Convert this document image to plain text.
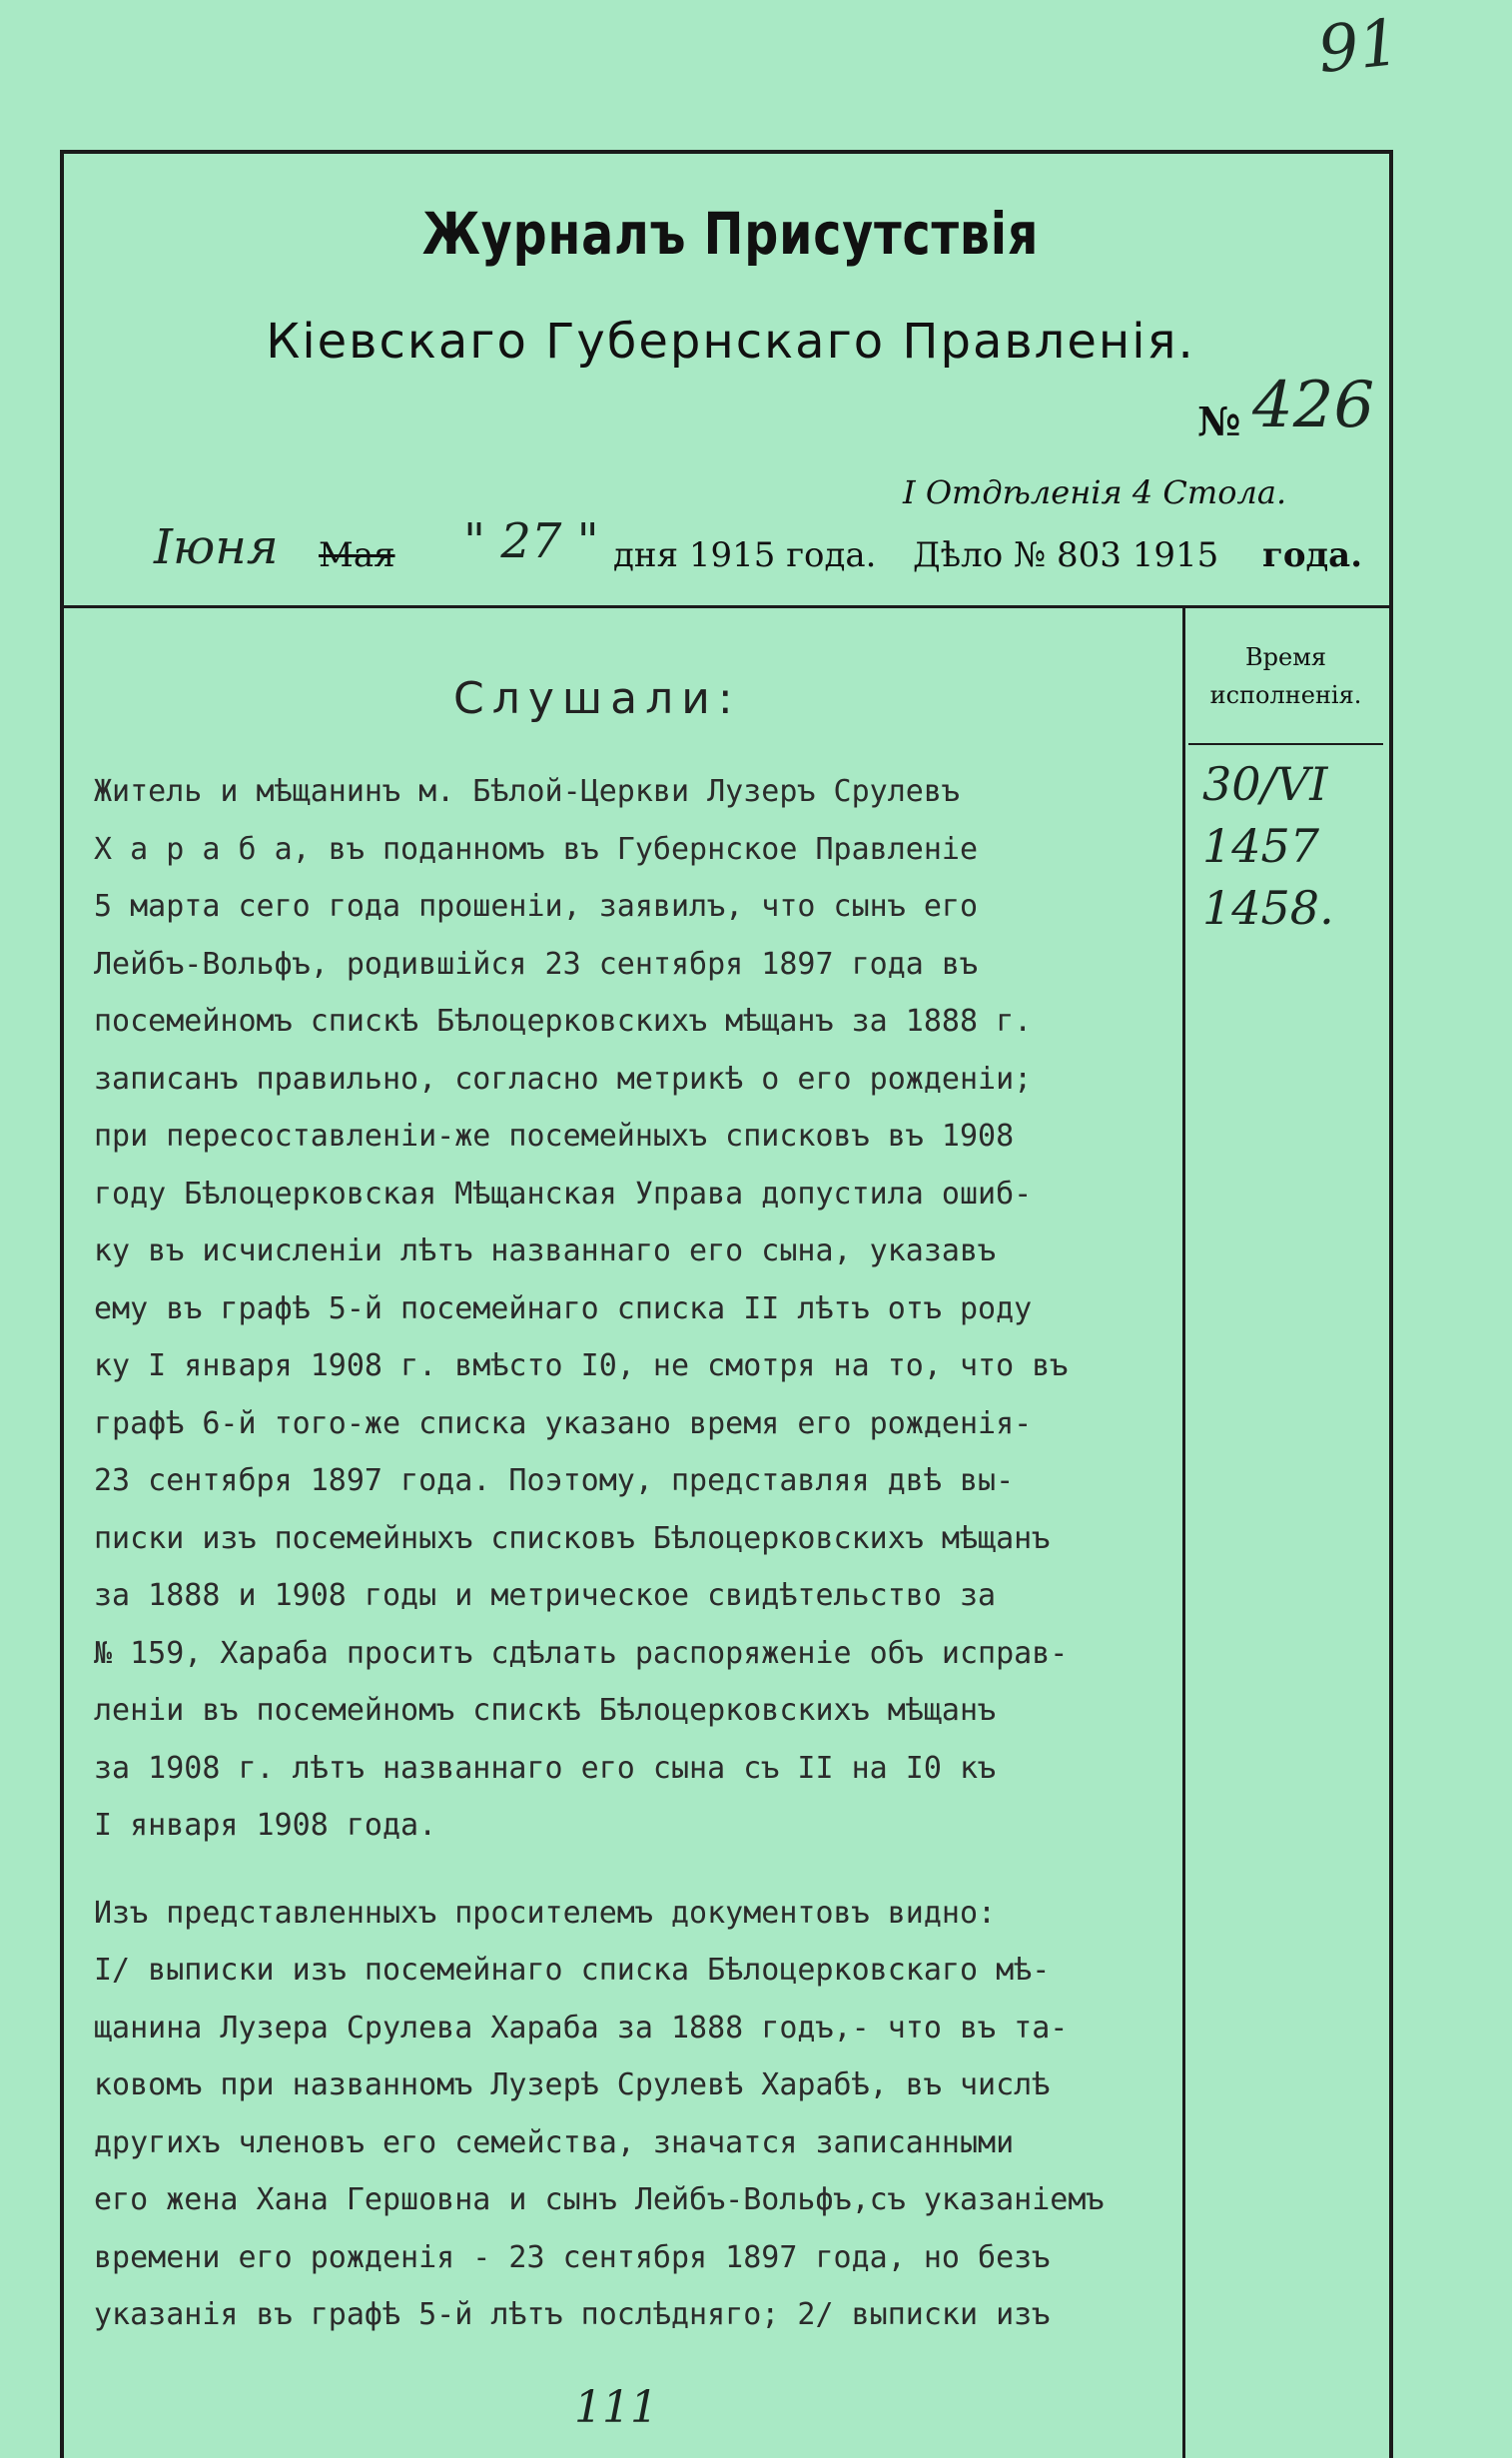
91
Журналъ Присутствія
Кіевскаго Губернскаго Правленія.
№ 426
I Отдѣленія 4 Стола.
Іюня Мая " 27 " дня 1915 года. Дѣло № 803 1915 года.
Время исполненія.
30/VI
1457
1458.
Слушали:
Житель и мѣщанинъ м. Бѣлой-Церкви Лузеръ Срулевъ
Х а р а б а, въ поданномъ въ Губернское Правленіе
5 марта сего года прошеніи, заявилъ, что сынъ его
Лейбъ-Вольфъ, родившійся 23 сентября 1897 года въ
посемейномъ спискѣ Бѣлоцерковскихъ мѣщанъ за 1888 г.
записанъ правильно, согласно метрикѣ о его рожденіи;
при пересоставленіи-же посемейныхъ списковъ въ 1908
году Бѣлоцерковская Мѣщанская Управа допустила ошиб-
ку въ исчисленіи лѣтъ названнаго его сына, указавъ
ему въ графѣ 5-й посемейнаго списка II лѣтъ отъ роду
ку I января 1908 г. вмѣсто I0, не смотря на то, что въ
графѣ 6-й того-же списка указано время его рожденія-
23 сентября 1897 года. Поэтому, представляя двѣ вы-
писки изъ посемейныхъ списковъ Бѣлоцерковскихъ мѣщанъ
за 1888 и 1908 годы и метрическое свидѣтельство за
№ 159, Хараба проситъ сдѣлать распоряженіе объ исправ-
леніи въ посемейномъ спискѣ Бѣлоцерковскихъ мѣщанъ
за 1908 г. лѣтъ названнаго его сына съ II на I0 къ
I января 1908 года.
Изъ представленныхъ просителемъ документовъ видно:
I/ выписки изъ посемейнаго списка Бѣлоцерковскаго мѣ-
щанина Лузера Срулева Хараба за 1888 годъ,- что въ та-
ковомъ при названномъ Лузерѣ Срулевѣ Харабѣ, въ числѣ
другихъ членовъ его семейства, значатся записанными
его жена Хана Гершовна и сынъ Лейбъ-Вольфъ,съ указаніемъ
времени его рожденія - 23 сентября 1897 года, но безъ
указанія въ графѣ 5-й лѣтъ послѣдняго; 2/ выписки изъ
111
